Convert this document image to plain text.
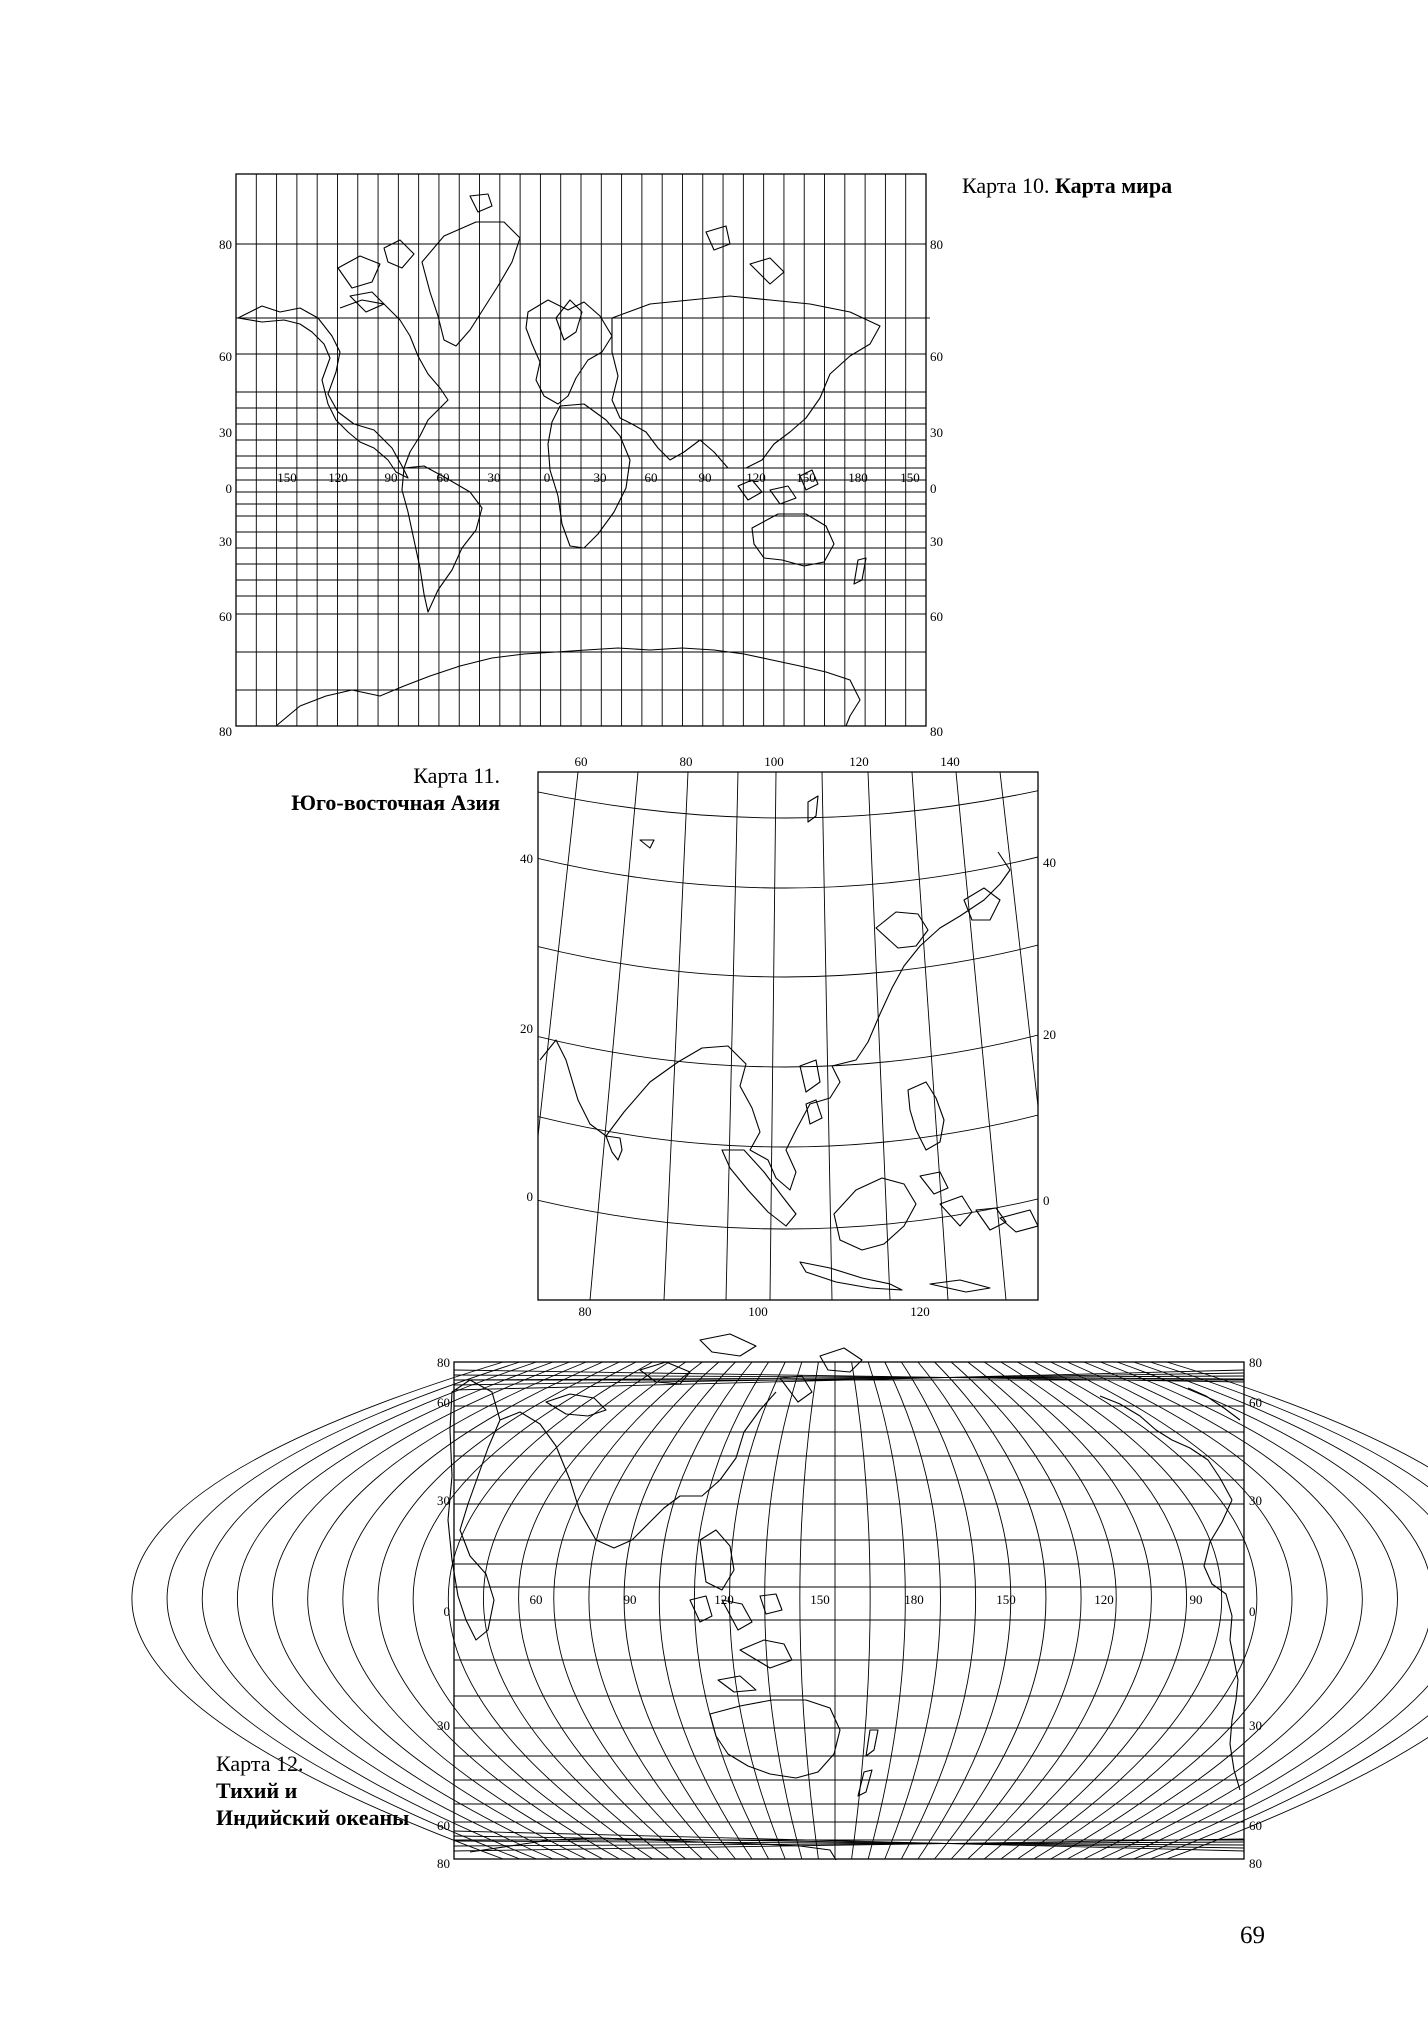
Карта 10. Карта мира
80
60
30
0
30
60
80
80
60
30
0
30
60
80
150 120	90	60	30	0	30	60	90	120 150	180	150
Карта 11.
Юго-восточная Азия
60	80	100	120	140
80	100	120
40
20
0
40
20
0
Карта 12.
Тихий и
Индийский океаны
80
60
30
0
30
60
80
80
60
30
0
30
60
80
60	90	120	150	180	150	120	90
69
